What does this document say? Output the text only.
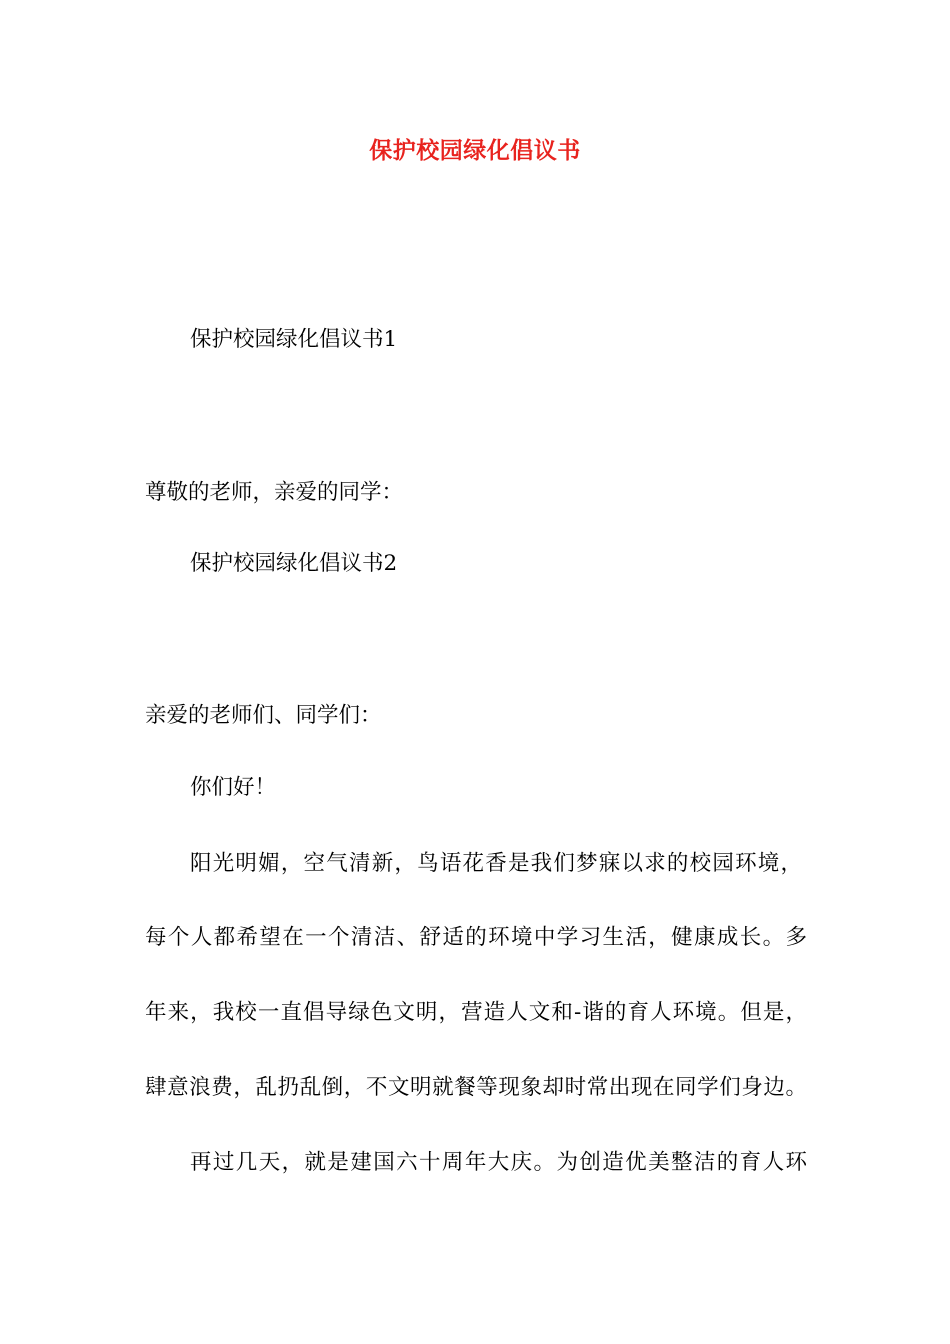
保护校园绿化倡议书
保护校园绿化倡议书1
尊敬的老师，亲爱的同学：
保护校园绿化倡议书2
亲爱的老师们、同学们：
你们好！
阳光明媚，空气清新，鸟语花香是我们梦寐以求的校园环境，
每个人都希望在一个清洁、舒适的环境中学习生活，健康成长。多
年来，我校一直倡导绿色文明，营造人文和-谐的育人环境。但是，
肆意浪费，乱扔乱倒，不文明就餐等现象却时常出现在同学们身边。
再过几天，就是建国六十周年大庆。为创造优美整洁的育人环
